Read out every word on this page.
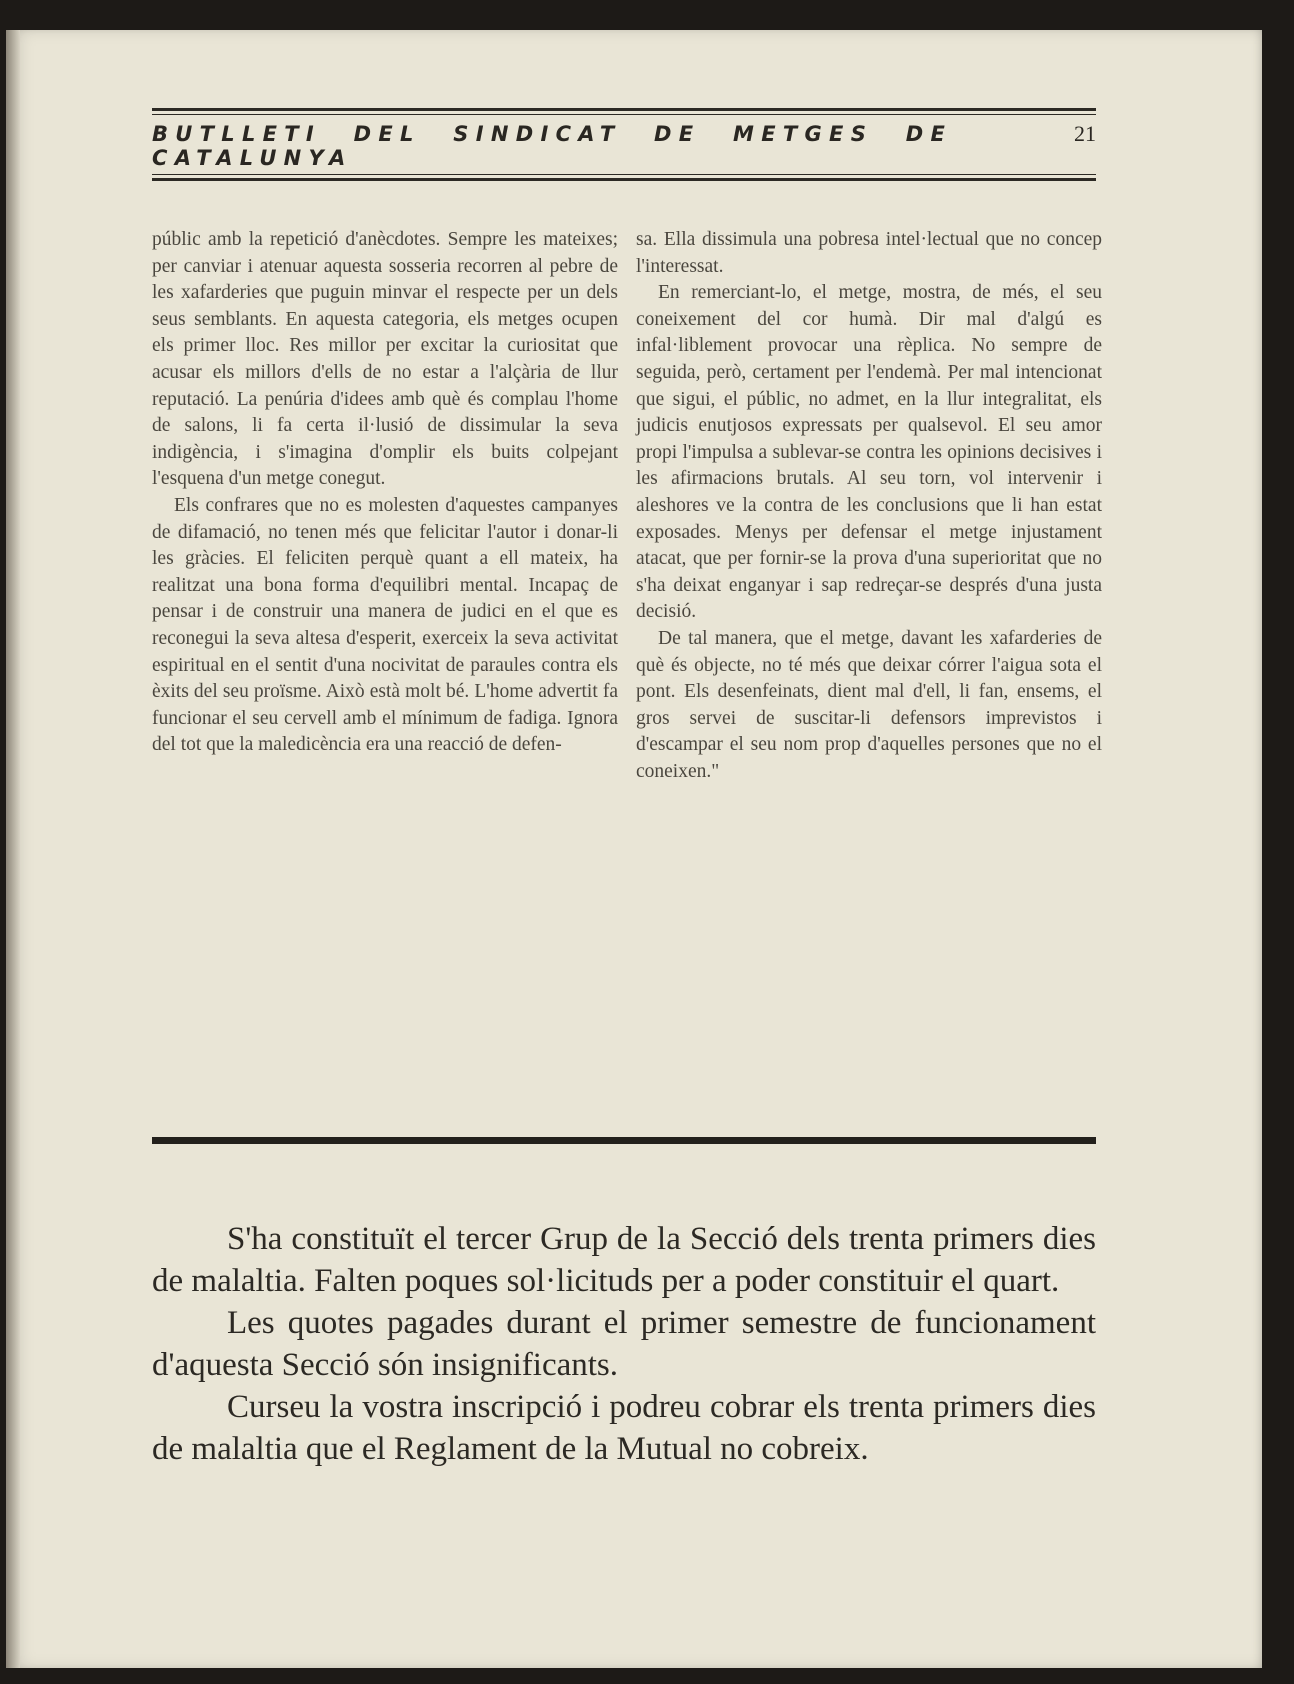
BUTLLETI DEL SINDICAT DE METGES DE CATALUNYA
21

públic amb la repetició d'anècdotes. Sempre les mateixes; per canviar i atenuar aquesta sosseria recorren al pebre de les xafarderies que puguin minvar el respecte per un dels seus semblants. En aquesta categoria, els metges ocupen els primer lloc. Res millor per excitar la curiositat que acusar els millors d'ells de no estar a l'alçària de llur reputació. La penúria d'idees amb què és complau l'home de salons, li fa certa il·lusió de dissimular la seva indigència, i s'imagina d'omplir els buits colpejant l'esquena d'un metge conegut.

Els confrares que no es molesten d'aquestes campanyes de difamació, no tenen més que felicitar l'autor i donar-li les gràcies. El feliciten perquè quant a ell mateix, ha realitzat una bona forma d'equilibri mental. Incapaç de pensar i de construir una manera de judici en el que es reconegui la seva altesa d'esperit, exerceix la seva activitat espiritual en el sentit d'una nocivitat de paraules contra els èxits del seu proïsme. Això està molt bé. L'home advertit fa funcionar el seu cervell amb el mínimum de fadiga. Ignora del tot que la maledicència era una reacció de defen-

sa. Ella dissimula una pobresa intel·lectual que no concep l'interessat.

En remerciant-lo, el metge, mostra, de més, el seu coneixement del cor humà. Dir mal d'algú es infal·liblement provocar una rèplica. No sempre de seguida, però, certament per l'endemà. Per mal intencionat que sigui, el públic, no admet, en la llur integralitat, els judicis enutjosos expressats per qualsevol. El seu amor propi l'impulsa a sublevar-se contra les opinions decisives i les afirmacions brutals. Al seu torn, vol intervenir i aleshores ve la contra de les conclusions que li han estat exposades. Menys per defensar el metge injustament atacat, que per fornir-se la prova d'una superioritat que no s'ha deixat enganyar i sap redreçar-se després d'una justa decisió.

De tal manera, que el metge, davant les xafarderies de què és objecte, no té més que deixar córrer l'aigua sota el pont. Els desenfeinats, dient mal d'ell, li fan, ensems, el gros servei de suscitar-li defensors imprevistos i d'escampar el seu nom prop d'aquelles persones que no el coneixen."

S'ha constituït el tercer Grup de la Secció dels trenta primers dies de malaltia. Falten poques sol·licituds per a poder constituir el quart.

Les quotes pagades durant el primer semestre de funcionament d'aquesta Secció són insignificants.

Curseu la vostra inscripció i podreu cobrar els trenta primers dies de malaltia que el Reglament de la Mutual no cobreix.
